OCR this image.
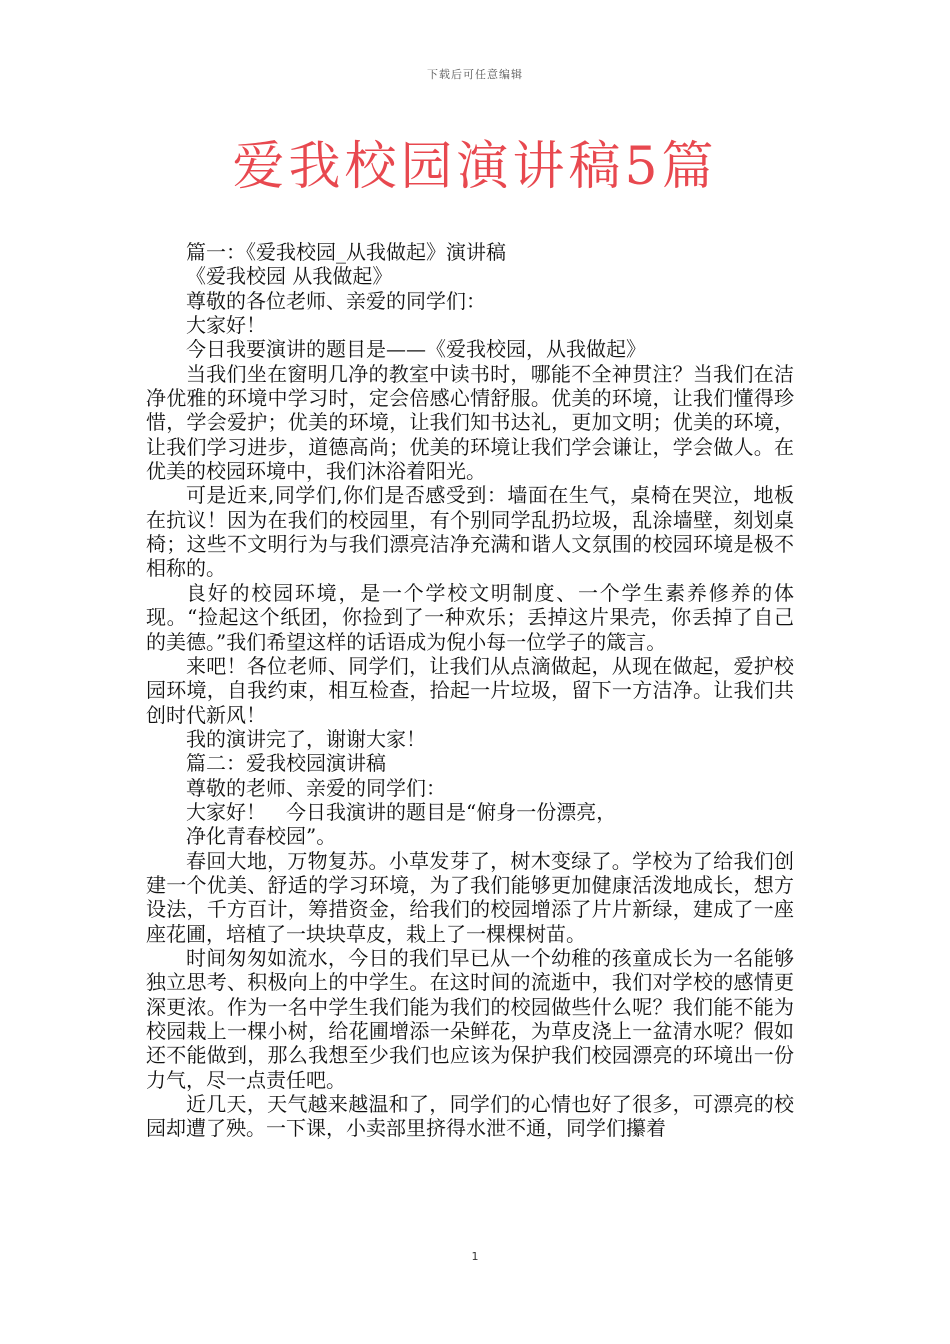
下载后可任意编辑
爱我校园演讲稿5篇

篇一：《爱我校园_从我做起》演讲稿

《爱我校园 从我做起》

尊敬的各位老师、亲爱的同学们：

大家好！

今日我要演讲的题目是——《爱我校园，从我做起》

当我们坐在窗明几净的教室中读书时，哪能不全神贯注？当我们在洁净优雅的环境中学习时，定会倍感心情舒服。优美的环境，让我们懂得珍惜，学会爱护；优美的环境，让我们知书达礼，更加文明；优美的环境，让我们学习进步，道德高尚；优美的环境让我们学会谦让，学会做人。在优美的校园环境中，我们沐浴着阳光。

可是近来,同学们,你们是否感受到：墙面在生气，桌椅在哭泣，地板在抗议！因为在我们的校园里，有个别同学乱扔垃圾，乱涂墙壁，刻划桌椅；这些不文明行为与我们漂亮洁净充满和谐人文氛围的校园环境是极不相称的。

良好的校园环境，是一个学校文明制度、一个学生素养修养的体现。“捡起这个纸团，你捡到了一种欢乐；丢掉这片果壳，你丢掉了自己的美德。”我们希望这样的话语成为倪小每一位学子的箴言。

来吧！各位老师、同学们，让我们从点滴做起，从现在做起，爱护校园环境，自我约束，相互检查，拾起一片垃圾，留下一方洁净。让我们共创时代新风！

我的演讲完了，谢谢大家！

篇二：爱我校园演讲稿

尊敬的老师、亲爱的同学们：

大家好！　今日我演讲的题目是“俯身一份漂亮，

净化青春校园”。

春回大地，万物复苏。小草发芽了，树木变绿了。学校为了给我们创建一个优美、舒适的学习环境，为了我们能够更加健康活泼地成长，想方设法，千方百计，筹措资金，给我们的校园增添了片片新绿，建成了一座座花圃，培植了一块块草皮，栽上了一棵棵树苗。

时间匆匆如流水，今日的我们早已从一个幼稚的孩童成长为一名能够独立思考、积极向上的中学生。在这时间的流逝中，我们对学校的感情更深更浓。作为一名中学生我们能为我们的校园做些什么呢？我们能不能为校园栽上一棵小树，给花圃增添一朵鲜花，为草皮浇上一盆清水呢？假如还不能做到，那么我想至少我们也应该为保护我们校园漂亮的环境出一份力气，尽一点责任吧。

近几天，天气越来越温和了，同学们的心情也好了很多，可漂亮的校园却遭了殃。一下课，小卖部里挤得水泄不通，同学们攥着

1
